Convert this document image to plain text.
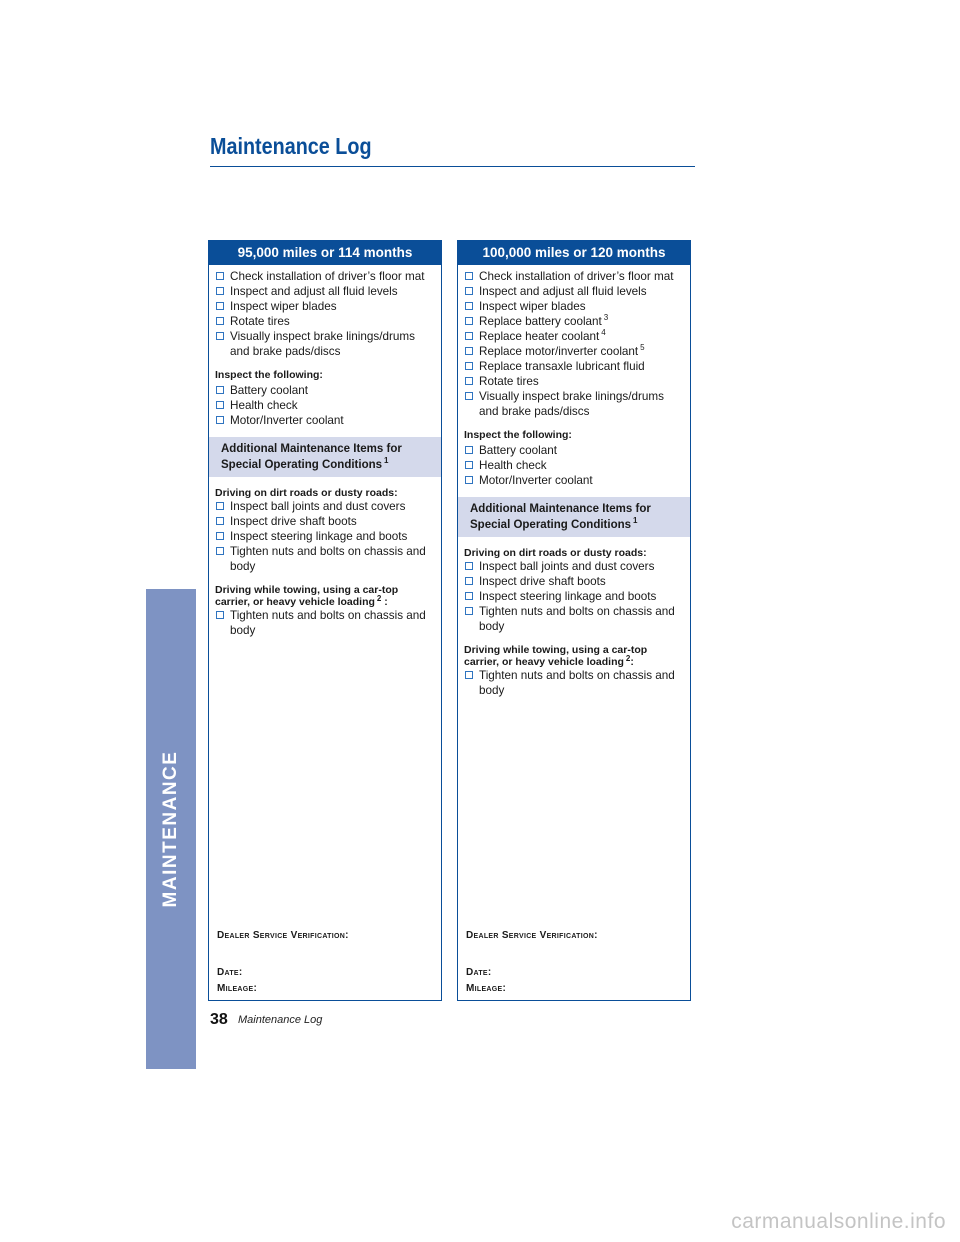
Maintenance Log
MAINTENANCE
95,000 miles or 114 months
Check installation of driver’s floor mat
Inspect and adjust all fluid levels
Inspect wiper blades
Rotate tires
Visually inspect brake linings/drums and brake pads/discs
Inspect the following:
Battery coolant
Health check
Motor/Inverter coolant
Additional Maintenance Items for
Special Operating Conditions $^1$
Driving on dirt roads or dusty roads:
Inspect ball joints and dust covers
Inspect drive shaft boots
Inspect steering linkage and boots
Tighten nuts and bolts on chassis and body
Driving while towing, using a car-top
carrier, or heavy vehicle loading $^2$ :
Tighten nuts and bolts on chassis and body
Dealer Service Verification:
Date:
Mileage:
100,000 miles or 120 months
Check installation of driver’s floor mat
Inspect and adjust all fluid levels
Inspect wiper blades
Replace battery coolant $^3$
Replace heater coolant $^4$
Replace motor/inverter coolant $^5$
Replace transaxle lubricant fluid
Rotate tires
Visually inspect brake linings/drums and brake pads/discs
Inspect the following:
Battery coolant
Health check
Motor/Inverter coolant
Additional Maintenance Items for
Special Operating Conditions $^1$
Driving on dirt roads or dusty roads:
Inspect ball joints and dust covers
Inspect drive shaft boots
Inspect steering linkage and boots
Tighten nuts and bolts on chassis and body
Driving while towing, using a car-top
carrier, or heavy vehicle loading $^2$:
Tighten nuts and bolts on chassis and body
Dealer Service Verification:
Date:
Mileage:
38 Maintenance Log
carmanualsonline.info
